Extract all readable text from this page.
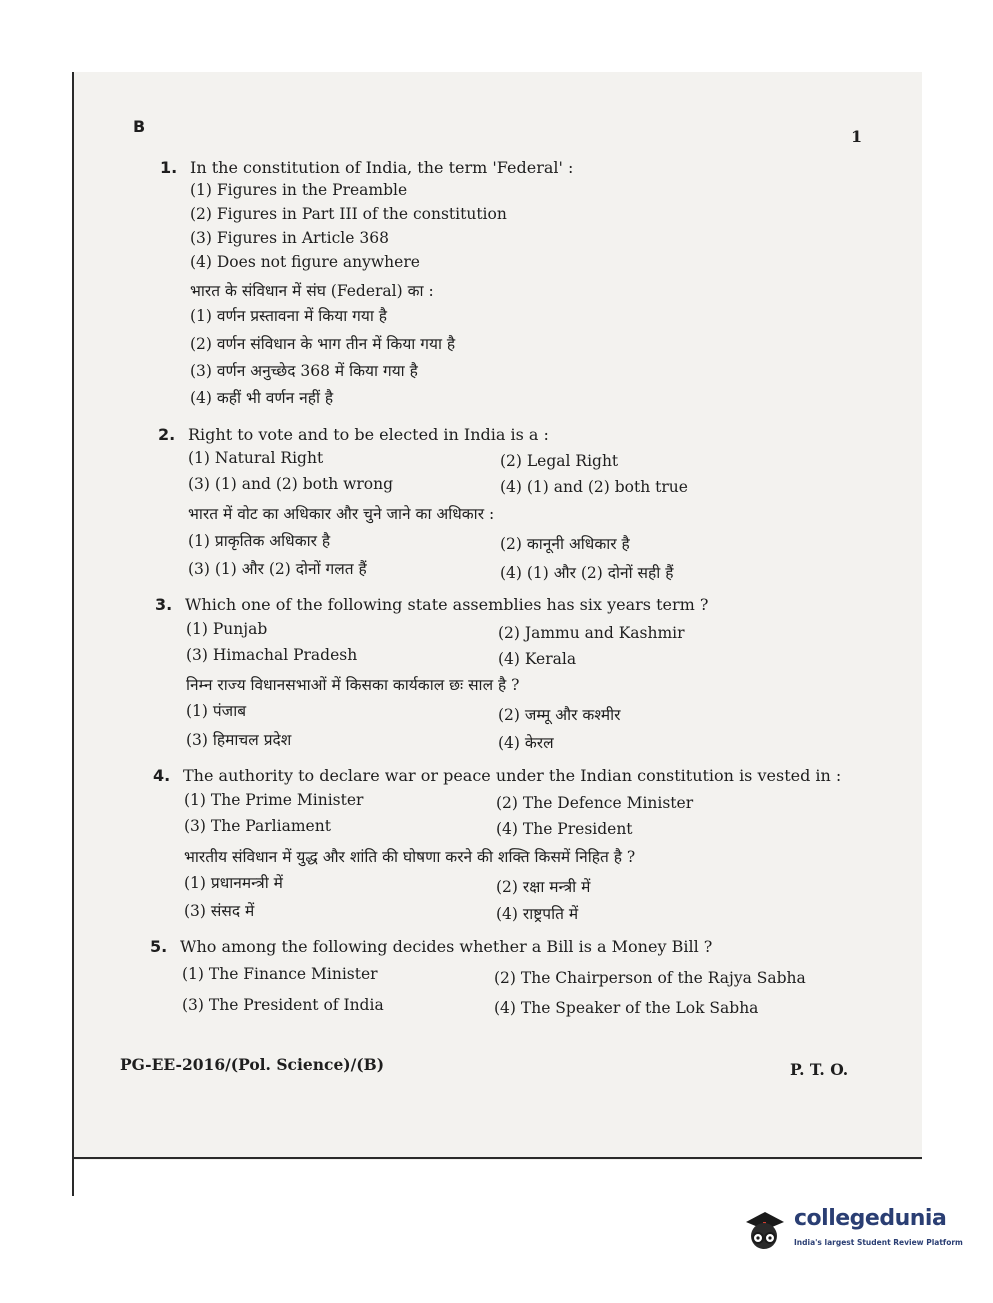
B
1
1. In the constitution of India, the term 'Federal' :
(1) Figures in the Preamble
(2) Figures in Part III of the constitution
(3) Figures in Article 368
(4) Does not figure anywhere
भारत के संविधान में संघ (Federal) का :
(1) वर्णन प्रस्तावना में किया गया है
(2) वर्णन संविधान के भाग तीन में किया गया है
(3) वर्णन अनुच्छेद 368 में किया गया है
(4) कहीं भी वर्णन नहीं है
2. Right to vote and to be elected in India is a :
(1) Natural Right	(2) Legal Right
(3) (1) and (2) both wrong	(4) (1) and (2) both true
भारत में वोट का अधिकार और चुने जाने का अधिकार :
(1) प्राकृतिक अधिकार है	(2) कानूनी अधिकार है
(3) (1) और (2) दोनों गलत हैं	(4) (1) और (2) दोनों सही हैं
3. Which one of the following state assemblies has six years term ?
(1) Punjab	(2) Jammu and Kashmir
(3) Himachal Pradesh	(4) Kerala
निम्न राज्य विधानसभाओं में किसका कार्यकाल छः साल है ?
(1) पंजाब	(2) जम्मू और कश्मीर
(3) हिमाचल प्रदेश	(4) केरल
4. The authority to declare war or peace under the Indian constitution is vested in :
(1) The Prime Minister	(2) The Defence Minister
(3) The Parliament	(4) The President
भारतीय संविधान में युद्ध और शांति की घोषणा करने की शक्ति किसमें निहित है ?
(1) प्रधानमन्त्री में	(2) रक्षा मन्त्री में
(3) संसद में	(4) राष्ट्रपति में
5. Who among the following decides whether a Bill is a Money Bill ?
(1) The Finance Minister	(2) The Chairperson of the Rajya Sabha
(3) The President of India	(4) The Speaker of the Lok Sabha
PG-EE-2016/(Pol. Science)/(B)	P. T. O.
collegedunia
India's largest Student Review Platform
